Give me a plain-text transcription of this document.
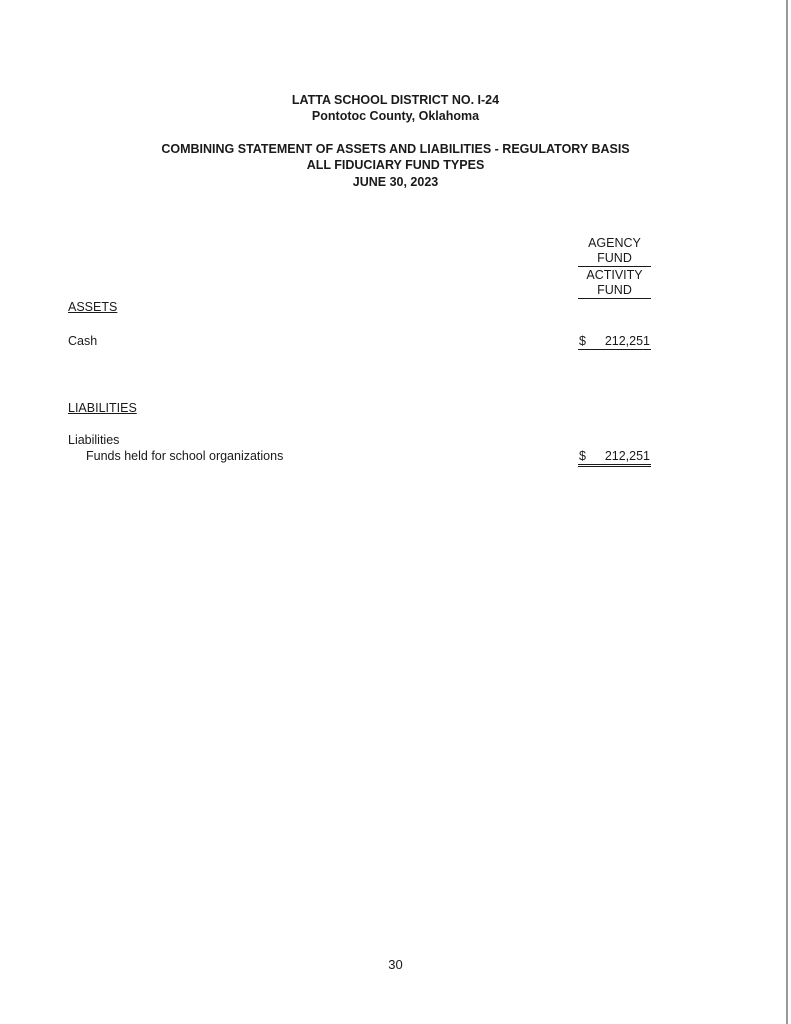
LATTA SCHOOL DISTRICT NO. I-24
Pontotoc County, Oklahoma
COMBINING STATEMENT OF ASSETS AND LIABILITIES - REGULATORY BASIS
ALL FIDUCIARY FUND TYPES
JUNE 30, 2023
AGENCY
FUND
ACTIVITY
FUND
ASSETS
Cash	$ 212,251
LIABILITIES
Liabilities
Funds held for school organizations	$ 212,251
30
